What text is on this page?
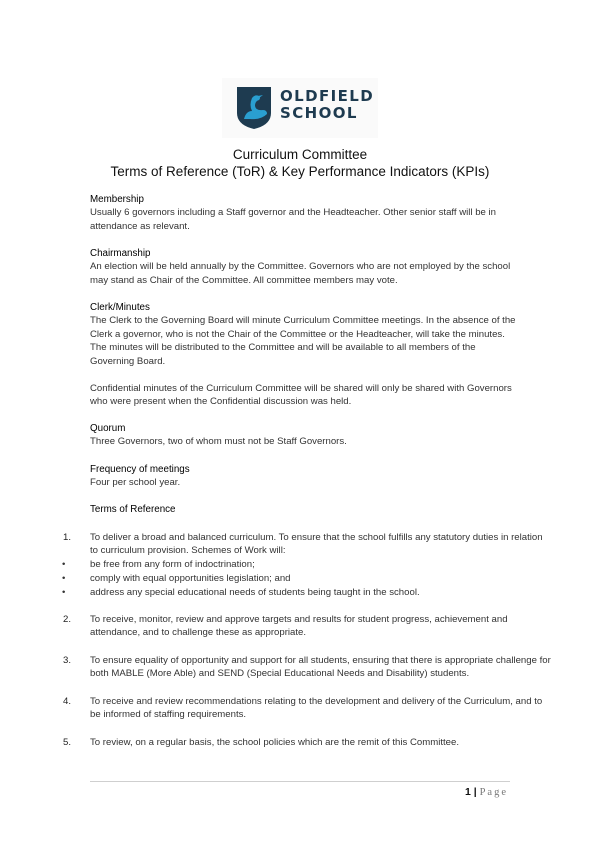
OLDFIELD
SCHOOL
Curriculum Committee
Terms of Reference (ToR) & Key Performance Indicators (KPIs)
Membership
Usually 6 governors including a Staff governor and the Headteacher. Other senior staff will be in attendance as relevant.
Chairmanship
An election will be held annually by the Committee. Governors who are not employed by the school may stand as Chair of the Committee. All committee members may vote.
Clerk/Minutes
The Clerk to the Governing Board will minute Curriculum Committee meetings. In the absence of the Clerk a governor, who is not the Chair of the Committee or the Headteacher, will take the minutes. The minutes will be distributed to the Committee and will be available to all members of the Governing Board.
Confidential minutes of the Curriculum Committee will be shared will only be shared with Governors who were present when the Confidential discussion was held.
Quorum
Three Governors, two of whom must not be Staff Governors.
Frequency of meetings
Four per school year.
Terms of Reference
1. To deliver a broad and balanced curriculum. To ensure that the school fulfills any statutory duties in relation to curriculum provision. Schemes of Work will:
•	be free from any form of indoctrination;
•	comply with equal opportunities legislation; and
•	address any special educational needs of students being taught in the school.
2. To receive, monitor, review and approve targets and results for student progress, achievement and attendance, and to challenge these as appropriate.
3. To ensure equality of opportunity and support for all students, ensuring that there is appropriate challenge for both MABLE (More Able) and SEND (Special Educational Needs and Disability) students.
4. To receive and review recommendations relating to the development and delivery of the Curriculum, and to be informed of staffing requirements.
5. To review, on a regular basis, the school policies which are the remit of this Committee.
1 | Page
